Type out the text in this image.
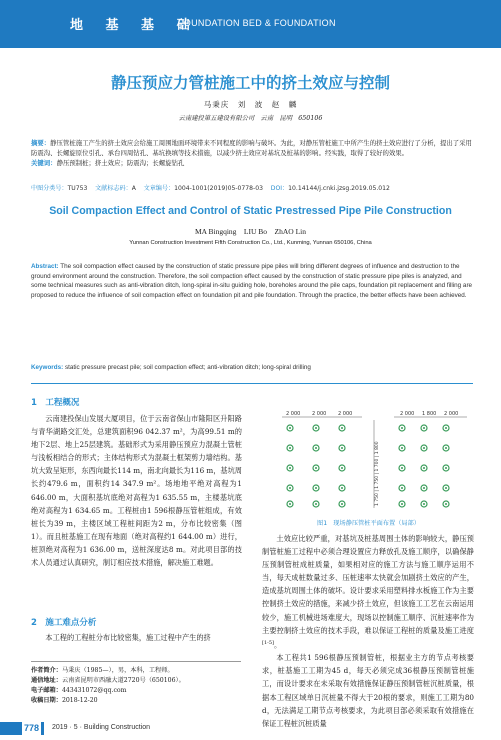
地 基 基 础
FOUNDATION BED & FOUNDATION
静压预应力管桩施工中的挤土效应与控制
马秉庆　刘　波　赵　麟
云南建投第五建设有限公司　云南　昆明　650106
摘要：静压管桩施工产生的挤土效应会给施工周围地面环境带来不同程度的影响与破坏。为此，对静压管桩施工中所产生的挤土效应进行了分析，提出了采用防震沟、长螺旋原位引孔、承台四周钻孔、基坑换填等技术措施，以减少挤土效应对基坑及桩基的影响。经实践，取得了较好的效果。
关键词：静压预制桩；挤土效应；防震沟；长螺旋钻孔
中图分类号：TU753 文献标志码：A 文章编号：1004-1001(2019)05-0778-03 DOI：10.14144/j.cnki.jzsg.2019.05.012
Soil Compaction Effect and Control of Static Prestressed Pipe Pile Construction
MA Bingqing　LIU Bo　ZhAO Lin
Yunnan Construction Investment Fifth Construction Co., Ltd., Kunming, Yunnan 650106, China
Abstract: The soil compaction effect caused by the construction of static pressure pipe piles will bring different degrees of influence and destruction to the ground environment around the construction. Therefore, the soil compaction effect caused by the construction of static pressure pipe piles is analyzed, and some technical measures such as anti-vibration ditch, long-spiral in-situ guiding hole, boreholes around the pile caps, foundation pit replacement and filling are proposed to reduce the influence of soil compaction effect on foundation pit and pile foundation. Through the practice, the better effects have been achieved.
Keywords: static pressure precast pile; soil compaction effect; anti-vibration ditch; long-spiral drilling
1　工程概况

云南建投保山发展大厦项目，位于云南省保山市隆阳区升阳路与青华湖路交汇处，总建筑面积96 042.37 m²，为高99.51 m的地下2层、地上25层建筑。基础形式为采用静压预应力混凝土管桩与浅板相结合的形式；主体结构形式为混凝土框架剪力墙结构。基坑大致呈矩形，东西向最长114 m，南北向最长为116 m，基坑周长约479.6 m，面积约14 347.9 m²。场地地平绝对高程为1 646.00 m，大面积基坑底绝对高程为1 635.55 m，主楼基坑底绝对高程为1 634.65 m。工程桩由1 596根静压管桩组成，有效桩长为39 m，主楼区域工程桩间距为2 m，分布比较密集（图1）。而且桩基施工在现有地面（绝对高程约1 644.00 m）进行，桩顶绝对高程为1 636.00 m，送桩深度达8 m。对此项目部的技术人员通过认真研究，制订相应技术措施，解决施工难题。

2　施工难点分析

本工程的工程桩分布比较密集，施工过程中产生的挤

2 000 2 000 2 000	2 000 1 800 2 000
1 750 | 1 750 | 1 700 | 1 800
图1　现场静压管桩平面布置（局部）

土效应比较严重，对基坑及桩基周围土体的影响较大，静压预制管桩施工过程中必须合理设置应力释放孔及施工顺序，以确保静压预制管桩成桩质量，如果相对应的施工方法与施工顺序运用不当，每天成桩数量过多、压桩速率太快就会加剧挤土效应的产生，造成基坑周围土体的破坏。设计要求采用塑料排水板施工作为主要控制挤土效应的措施，来减少挤土效应，但该施工工艺在云南运用较少，施工机械进场难度大，现场以控制施工顺序、沉桩速率作为主要控制挤土效应的技术手段，难以保证工程桩的质量及施工进度[1-5]。

本工程共1 596根静压预制管桩，根据业主方的节点考核要求，桩基施工工期为45 d，每天必须完成36根静压预制管桩施工，而设计要求在未采取有效措施保证静压预制管桩沉桩质量，根据本工程区域单日沉桩量不得大于20根的要求，则施工工期为80 d，无法满足工期节点考核要求，为此项目部必须采取有效措施在保证工程桩沉桩质量

作者简介：马秉庆（1985—），男，本科，工程师。
通信地址：云南省昆明市西融大道2720号（650106）。
电子邮箱：443431072@qq.com
收稿日期：2018-12-20
778 2019 · 5 · Building Construction
